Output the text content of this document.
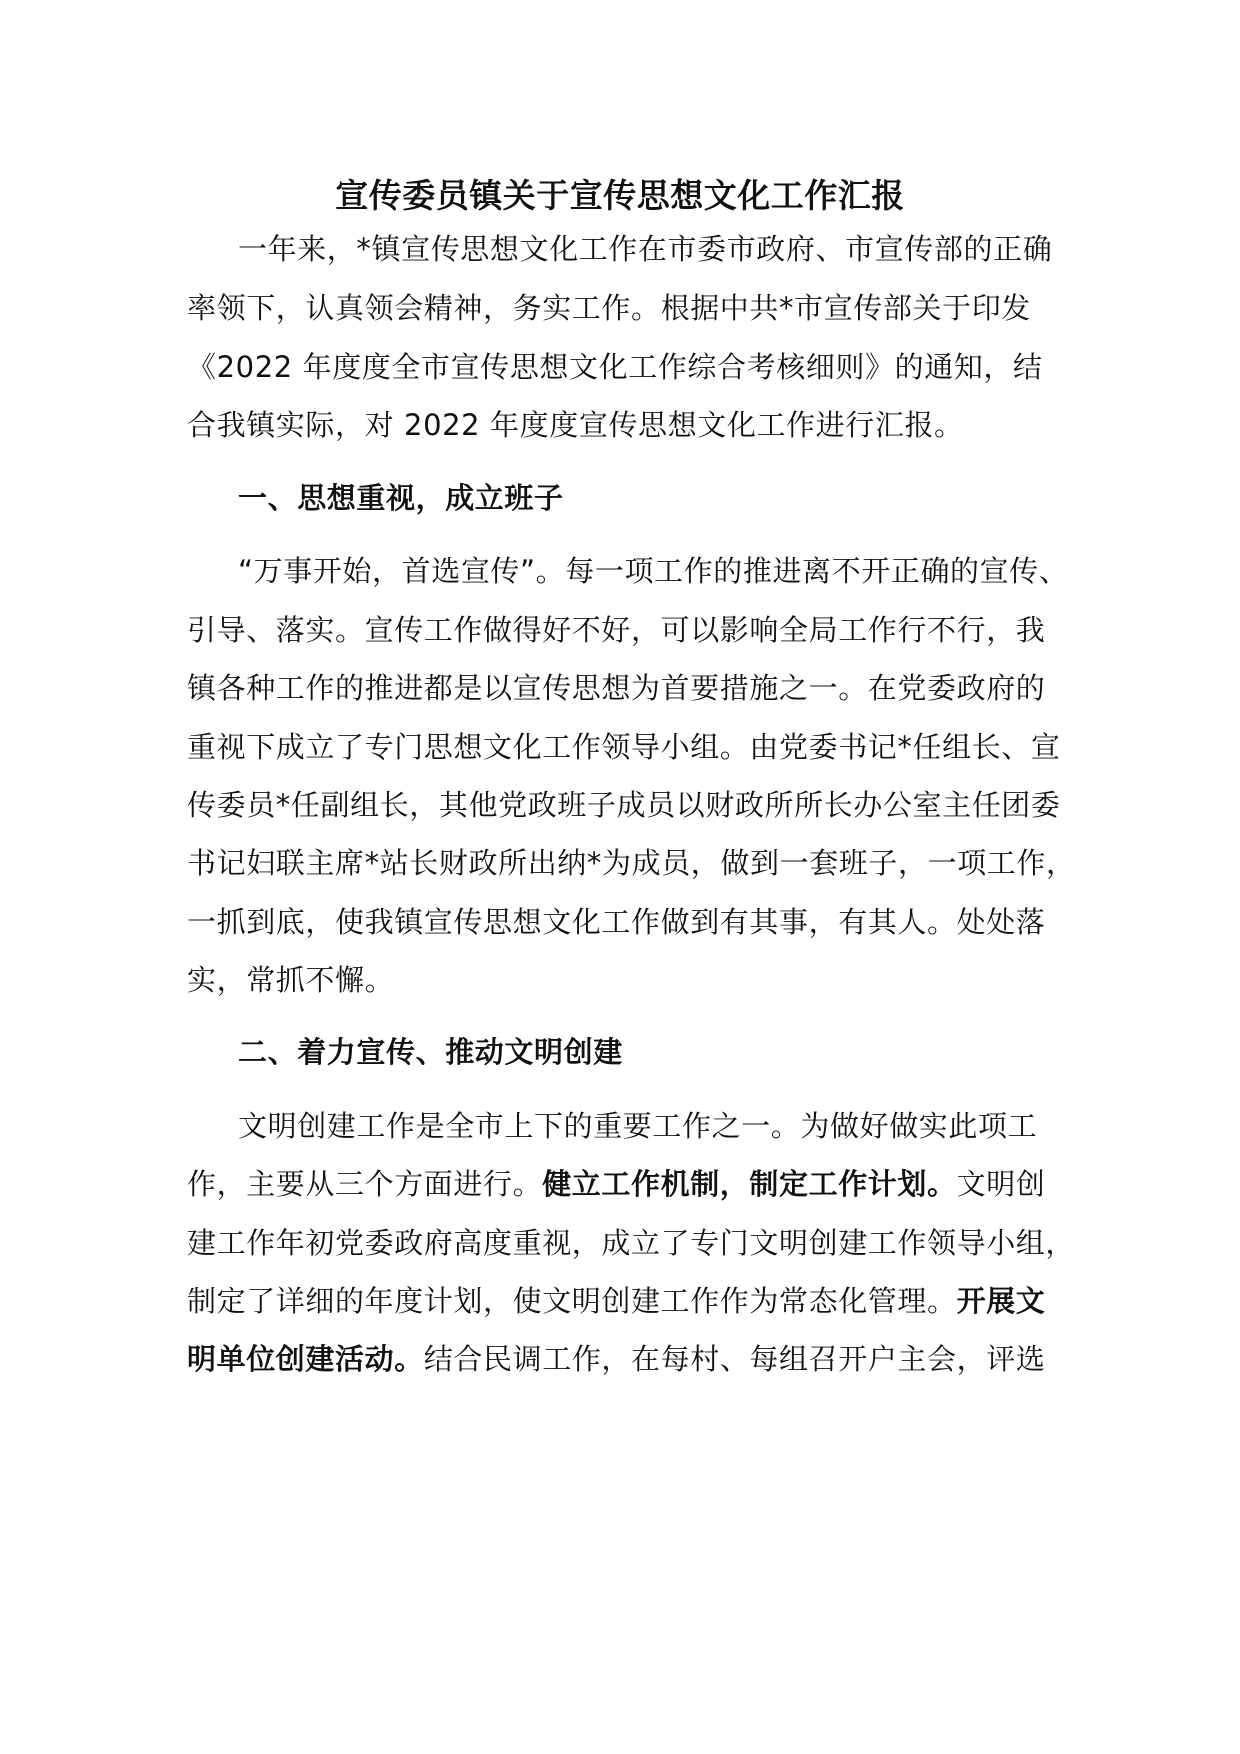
宣传委员镇关于宣传思想文化工作汇报
一年来，*镇宣传思想文化工作在市委市政府、市宣传部的正确
率领下，认真领会精神，务实工作。根据中共*市宣传部关于印发
《2022 年度度全市宣传思想文化工作综合考核细则》的通知，结
合我镇实际，对 2022 年度度宣传思想文化工作进行汇报。
一、思想重视，成立班子
“万事开始，首选宣传”。每一项工作的推进离不开正确的宣传、
引导、落实。宣传工作做得好不好，可以影响全局工作行不行，我
镇各种工作的推进都是以宣传思想为首要措施之一。在党委政府的
重视下成立了专门思想文化工作领导小组。由党委书记*任组长、宣
传委员*任副组长，其他党政班子成员以财政所所长办公室主任团委
书记妇联主席*站长财政所出纳*为成员，做到一套班子，一项工作，
一抓到底，使我镇宣传思想文化工作做到有其事，有其人。处处落
实，常抓不懈。
二、着力宣传、推动文明创建
文明创建工作是全市上下的重要工作之一。为做好做实此项工
作，主要从三个方面进行。健立工作机制，制定工作计划。文明创
建工作年初党委政府高度重视，成立了专门文明创建工作领导小组，
制定了详细的年度计划，使文明创建工作作为常态化管理。开展文
明单位创建活动。结合民调工作，在每村、每组召开户主会，评选
